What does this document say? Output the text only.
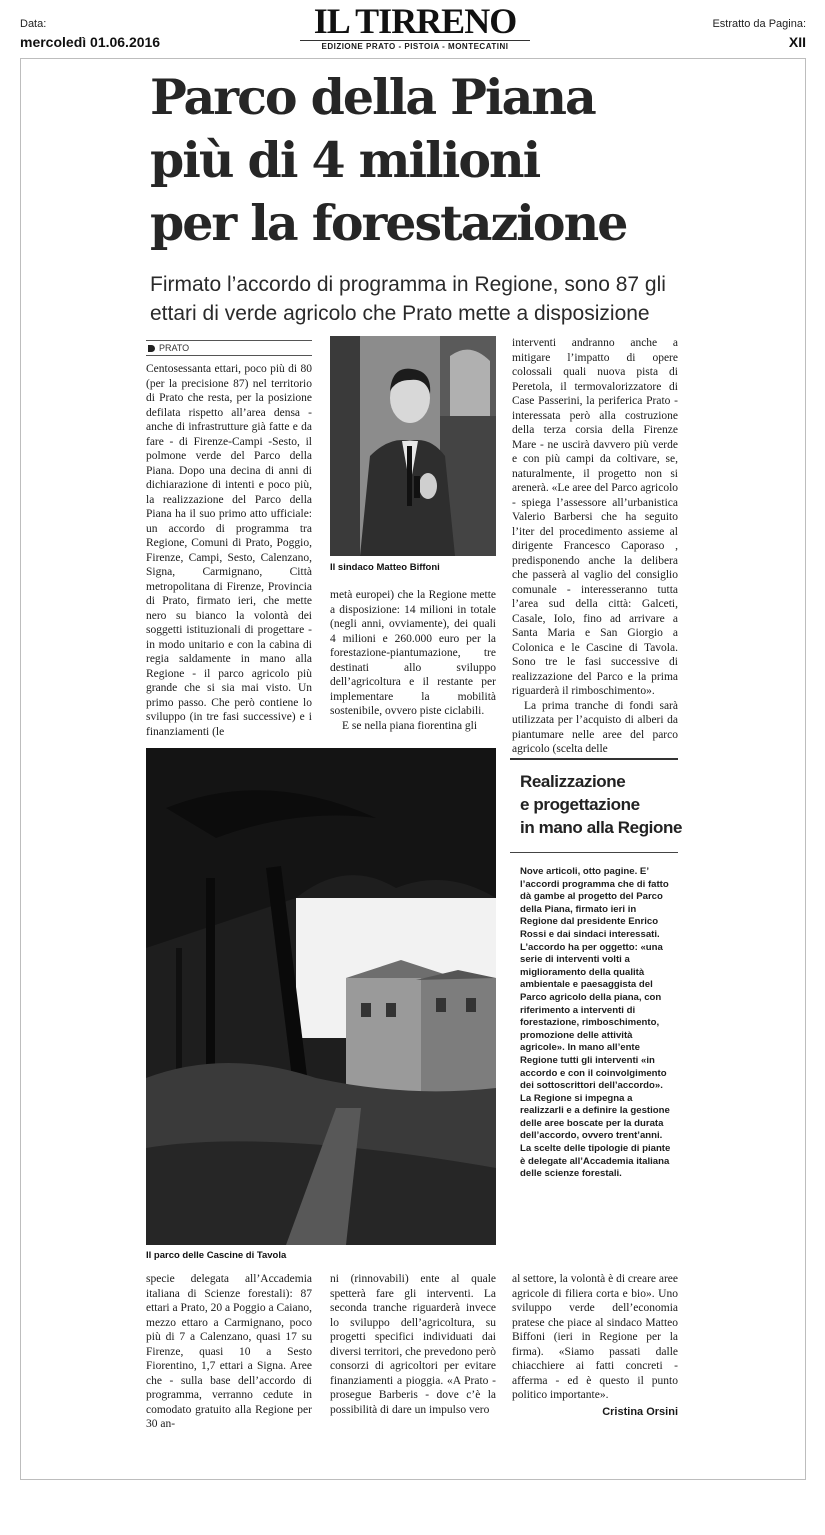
Data:
mercoledì 01.06.2016
IL TIRRENO
EDIZIONE PRATO - PISTOIA - MONTECATINI
Estratto da Pagina:
XII
Parco della Piana
più di 4 milioni
per la forestazione
Firmato l’accordo di programma in Regione, sono 87 gli ettari di verde agricolo che Prato mette a disposizione
PRATO

Centosessanta ettari, poco più di 80 (per la precisione 87) nel territorio di Prato che resta, per la posizione defilata rispetto all’area densa - anche di infrastrutture già fatte e da fare - di Firenze-Campi -Sesto, il polmone verde del Parco della Piana. Dopo una decina di anni di dichiarazione di intenti e poco più, la realizzazione del Parco della Piana ha il suo primo atto ufficiale: un accordo di programma tra Regione, Comuni di Prato, Poggio, Firenze, Campi, Sesto, Calenzano, Signa, Carmignano, Città metropolitana di Firenze, Provincia di Prato, firmato ieri, che mette nero su bianco la volontà dei soggetti istituzionali di progettare - in modo unitario e con la cabina di regia saldamente in mano alla Regione - il parco agricolo più grande che si sia mai visto. Un primo passo. Che però contiene lo sviluppo (in tre fasi successive) e i finanziamenti (le

Il sindaco Matteo Biffoni

metà europei) che la Regione mette a disposizione: 14 milioni in totale (negli anni, ovviamente), dei quali 4 milioni e 260.000 euro per la forestazione-piantumazione, tre destinati allo sviluppo dell’agricoltura e il restante per implementare la mobilità sostenibile, ovvero piste ciclabili.

E se nella piana fiorentina gli

interventi andranno anche a mitigare l’impatto di opere colossali quali nuova pista di Peretola, il termovalorizzatore di Case Passerini, la periferica Prato - interessata però alla costruzione della terza corsia della Firenze Mare - ne uscirà davvero più verde e con più campi da coltivare, se, naturalmente, il progetto non si arenerà. «Le aree del Parco agricolo - spiega l’assessore all’urbanistica Valerio Barbersi che ha seguito l’iter del procedimento assieme al dirigente Francesco Caporaso , predisponendo anche la delibera che passerà al vaglio del consiglio comunale - interesseranno tutta l’area sud della città: Galceti, Casale, Iolo, fino ad arrivare a Santa Maria e San Giorgio a Colonica e le Cascine di Tavola. Sono tre le fasi successive di realizzazione del Parco e la prima riguarderà il rimboschimento».

La prima tranche di fondi sarà utilizzata per l’acquisto di alberi da piantumare nelle aree del parco agricolo (scelta delle

Il parco delle Cascine di Tavola
Realizzazione
e progettazione
in mano alla Regione

Nove articoli, otto pagine. E’ l’accordi programma che di fatto dà gambe al progetto del Parco della Piana, firmato ieri in Regione dal presidente Enrico Rossi e dai sindaci interessati.

L’accordo ha per oggetto: «una serie di interventi volti a miglioramento della qualità ambientale e paesaggista del Parco agricolo della piana, con riferimento a interventi di forestazione, rimboschimento, promozione delle attività agricole». In mano all’ente Regione tutti gli interventi «in accordo e con il coinvolgimento dei sottoscrittori dell’accordo».

La Regione si impegna a realizzarli e a definire la gestione delle aree boscate per la durata dell’accordo, ovvero trent’anni. La scelte delle tipologie di piante è delegate all’Accademia italiana delle scienze forestali.

specie delegata all’Accademia italiana di Scienze forestali): 87 ettari a Prato, 20 a Poggio a Caiano, mezzo ettaro a Carmignano, poco più di 7 a Calenzano, quasi 17 su Firenze, quasi 10 a Sesto Fiorentino, 1,7 ettari a Signa. Aree che - sulla base dell’accordo di programma, verranno cedute in comodato gratuito alla Regione per 30 an-

ni (rinnovabili) ente al quale spetterà fare gli interventi. La seconda tranche riguarderà invece lo sviluppo dell’agricoltura, su progetti specifici individuati dai diversi territori, che prevedono però consorzi di agricoltori per evitare finanziamenti a pioggia. «A Prato - prosegue Barberis - dove c’è la possibilità di dare un impulso vero

al settore, la volontà è di creare aree agricole di filiera corta e bio». Uno sviluppo verde dell’economia pratese che piace al sindaco Matteo Biffoni (ieri in Regione per la firma). «Siamo passati dalle chiacchiere ai fatti concreti - afferma - ed è questo il punto politico importante».

Cristina Orsini
